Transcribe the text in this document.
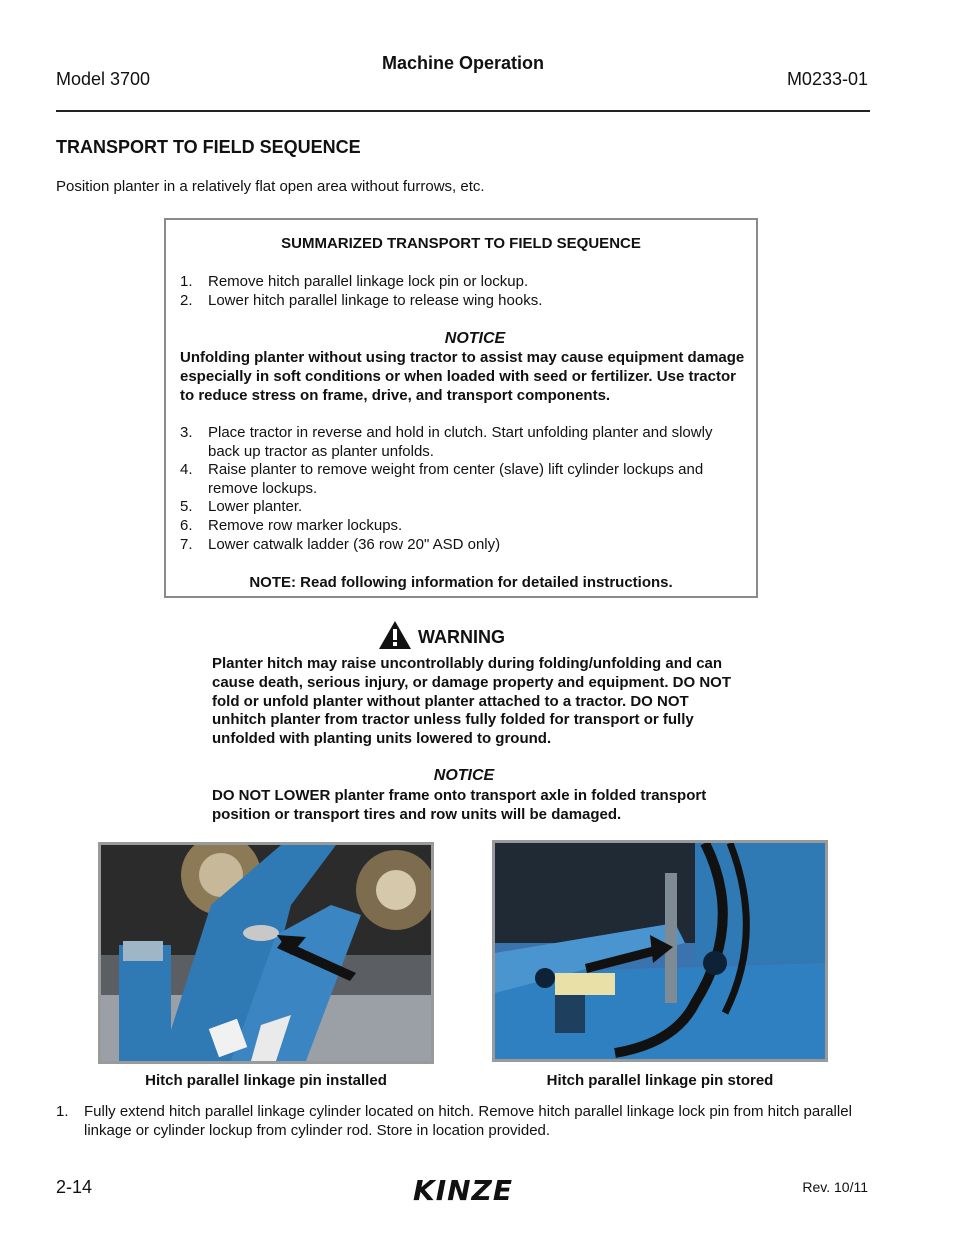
Model 3700
Machine Operation
M0233-01
TRANSPORT TO FIELD SEQUENCE
Position planter in a relatively flat open area without furrows, etc.
SUMMARIZED TRANSPORT TO FIELD SEQUENCE
1.	Remove hitch parallel linkage lock pin or lockup.
2.	Lower hitch parallel linkage to release wing hooks.
NOTICE
Unfolding planter without using tractor to assist may cause equipment damage especially in soft conditions or when loaded with seed or fertilizer. Use tractor to reduce stress on frame, drive, and transport components.
3.	Place tractor in reverse and hold in clutch. Start unfolding planter and slowly back up tractor as planter unfolds.
4.	Raise planter to remove weight from center (slave) lift cylinder lockups and remove lockups.
5.	Lower planter.
6.	Remove row marker lockups.
7.	Lower catwalk ladder (36 row 20" ASD only)
NOTE: Read following information for detailed instructions.
WARNING
Planter hitch may raise uncontrollably during folding/unfolding and can cause death, serious injury, or damage property and equipment. DO NOT fold or unfold planter without planter attached to a tractor. DO NOT unhitch planter from tractor unless fully folded for transport or fully unfolded with planting units lowered to ground.
NOTICE
DO NOT LOWER planter frame onto transport axle in folded transport position or transport tires and row units will be damaged.
Hitch parallel linkage pin installed	Hitch parallel linkage pin stored
1.	Fully extend hitch parallel linkage cylinder located on hitch. Remove hitch parallel linkage lock pin from hitch parallel linkage or cylinder lockup from cylinder rod. Store in location provided.
2-14	KINZE	Rev. 10/11
